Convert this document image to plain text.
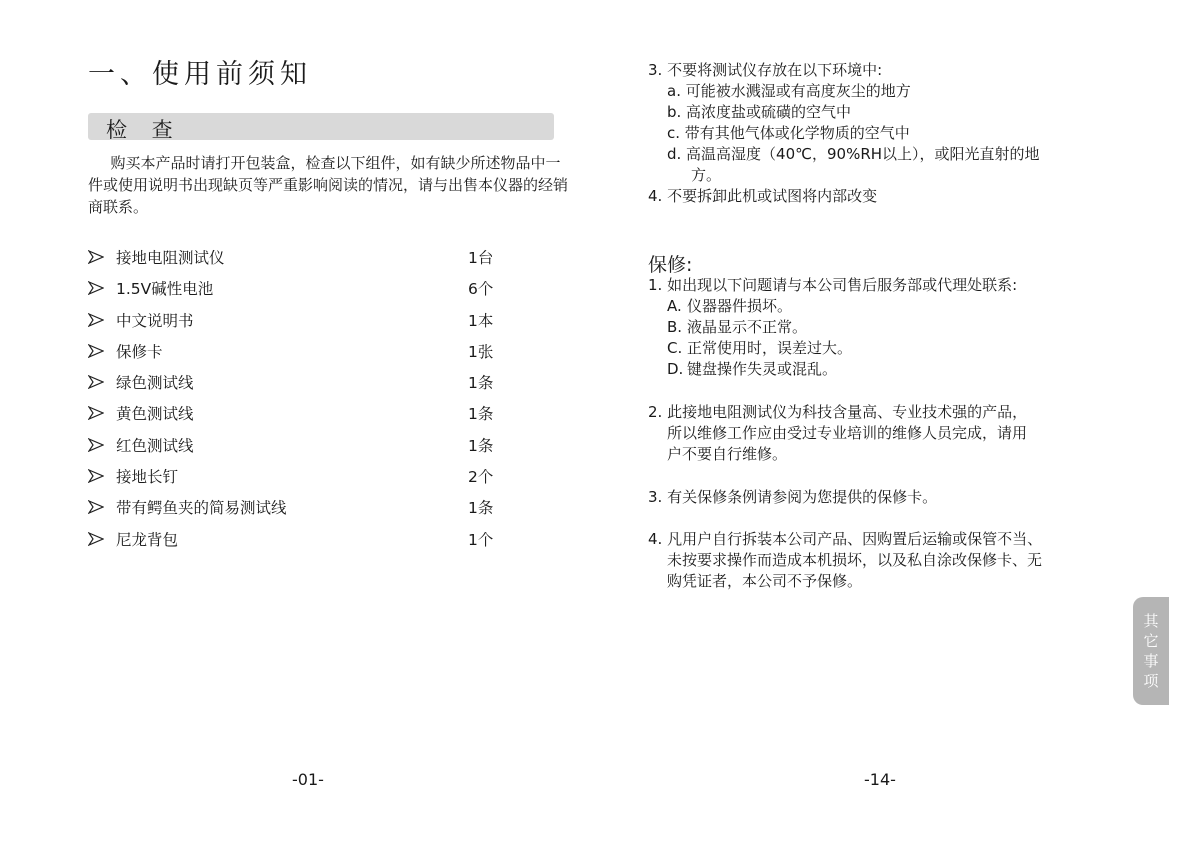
一、使用前须知
检 查

购买本产品时请打开包装盒，检查以下组件，如有缺少所述物品中一件或使用说明书出现缺页等严重影响阅读的情况，请与出售本仪器的经销商联系。

接地电阻测试仪	1台
1.5V碱性电池	6个
中文说明书	1本
保修卡	1张
绿色测试线	1条
黄色测试线	1条
红色测试线	1条
接地长钉	2个
带有鳄鱼夹的简易测试线	1条
尼龙背包	1个
-01-
3. 不要将测试仪存放在以下环境中:
a. 可能被水溅湿或有高度灰尘的地方
b. 高浓度盐或硫磺的空气中
c. 带有其他气体或化学物质的空气中
d. 高温高湿度（40℃，90%RH以上），或阳光直射的地
方。
4. 不要拆卸此机或试图将内部改变
保修:
1. 如出现以下问题请与本公司售后服务部或代理处联系:
A. 仪器器件损坏。
B. 液晶显示不正常。
C. 正常使用时，误差过大。
D. 键盘操作失灵或混乱。
2. 此接地电阻测试仪为科技含量高、专业技术强的产品，
所以维修工作应由受过专业培训的维修人员完成，请用
户不要自行维修。
3. 有关保修条例请参阅为您提供的保修卡。
4. 凡用户自行拆装本公司产品、因购置后运输或保管不当、
未按要求操作而造成本机损坏，以及私自涂改保修卡、无
购凭证者，本公司不予保修。
其它事项
-14-
